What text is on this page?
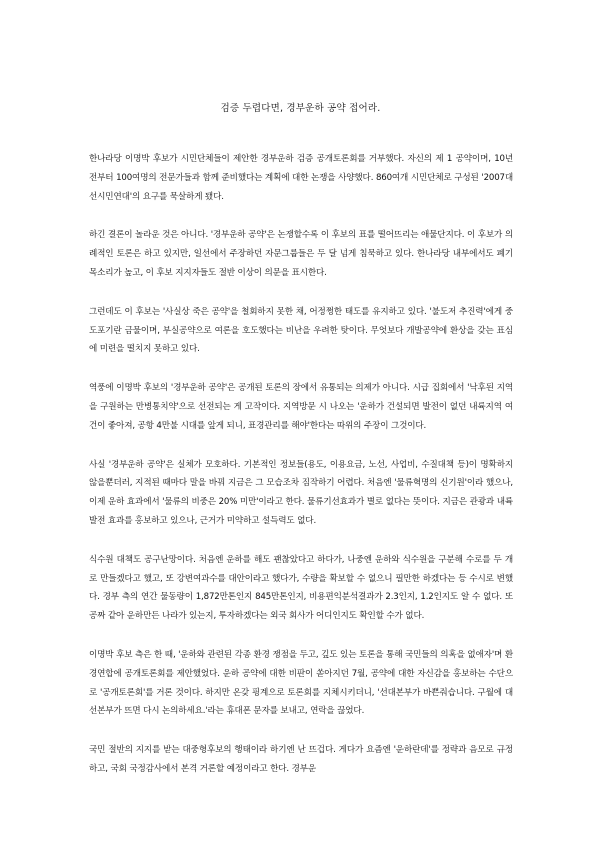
검증 두렵다면, 경부운하 공약 접어라.

한나라당 이명박 후보가 시민단체들이 제안한 경부운하 검증 공개토론회를 거부했다. 자신의 제 1 공약이며, 10년 전부터 100여명의 전문가들과 함께 준비했다는 계획에 대한 논쟁을 사양했다. 860여개 시민단체로 구성된 '2007대선시민연대'의 요구를 묵살하게 됐다.

하긴 결론이 놀라운 것은 아니다. '경부운하 공약'은 논쟁할수록 이 후보의 표를 떨어뜨리는 애물단지다. 이 후보가 의례적인 토론은 하고 있지만, 일선에서 주장하던 자문그룹들은 두 달 넘게 침묵하고 있다. 한나라당 내부에서도 폐기 목소리가 높고, 이 후보 지지자들도 절반 이상이 의문을 표시한다.

그런데도 이 후보는 '사실상 죽은 공약'을 철회하지 못한 채, 어정쩡한 태도를 유지하고 있다. '불도저 추진력'에게 중도포기란 금물이며, 부실공약으로 여론을 호도했다는 비난을 우려한 탓이다. 무엇보다 개발공약에 환상을 갖는 표심에 미련을 떨치지 못하고 있다.

역풍에 이명박 후보의 '경부운하 공약'은 공개된 토론의 장에서 유통되는 의제가 아니다. 시급 집회에서 '낙후된 지역을 구원하는 만병통치약'으로 선전되는 게 고작이다. 지역방문 시 나오는 '운하가 건설되면 발전이 없던 내륙지역 여건이 좋아져, 공항 4만불 시대를 앞게 되니, 표경관리를 해야'한다는 따위의 주장이 그것이다.

사실 '경부운하 공약'은 실체가 모호하다. 기본적인 정보들(용도, 이용요금, 노선, 사업비, 수질대책 등)이 명확하지 않을뿐더러, 지적된 때마다 말을 바꿔 지금은 그 모습조차 짐작하기 어렵다. 처음엔 '물류혁명의 신기원'이라 했으나, 이제 운하 효과에서 '물류의 비중은 20% 미만'이라고 한다. 물류기선효과가 별로 없다는 뜻이다. 지금은 관광과 내륙 발전 효과를 홍보하고 있으나, 근거가 미약하고 설득력도 없다.

식수원 대책도 공구난망이다. 처음엔 운하를 해도 괜찮았다고 하다가, 나중엔 운하와 식수원을 구분해 수로를 두 개로 만들겠다고 했고, 또 강변여과수를 대안이라고 했다가, 수량을 확보할 수 없으니 필만한 하겠다는 등 수시로 변했다. 경부 측의 연간 물동량이 1,872만톤인지 845만톤인지, 비용편익분석결과가 2.3인지, 1.2인지도 알 수 없다. 또 공짜 같아 운하만든 나라가 있는지, 투자하겠다는 외국 회사가 어디인지도 확인할 수가 없다.

이명박 후보 측은 한 때, '운하와 관련된 각종 환경 쟁점을 두고, 깊도 있는 토론을 통해 국민들의 의혹을 없애자'며 환경연합에 공개토론회를 제안했었다. 운하 공약에 대한 비판이 쏟아지던 7월, 공약에 대한 자신감을 홍보하는 수단으로 '공개토론회'를 거론 것이다. 하지만 온갖 핑계으로 토론회를 지체시키더니, '선대본부가 바쁜줘습니다. 구월에 대선본부가 뜨면 다시 논의하세요.'라는 휴대폰 문자를 보내고, 연락을 끊었다.

국민 절반의 지지를 받는 대중형후보의 행태이라 하기엔 난 뜨겁다. 게다가 요즘엔 '운하란데'를 정략과 음모로 규정하고, 국회 국정감사에서 본격 거론할 예정이라고 한다. 경부운
